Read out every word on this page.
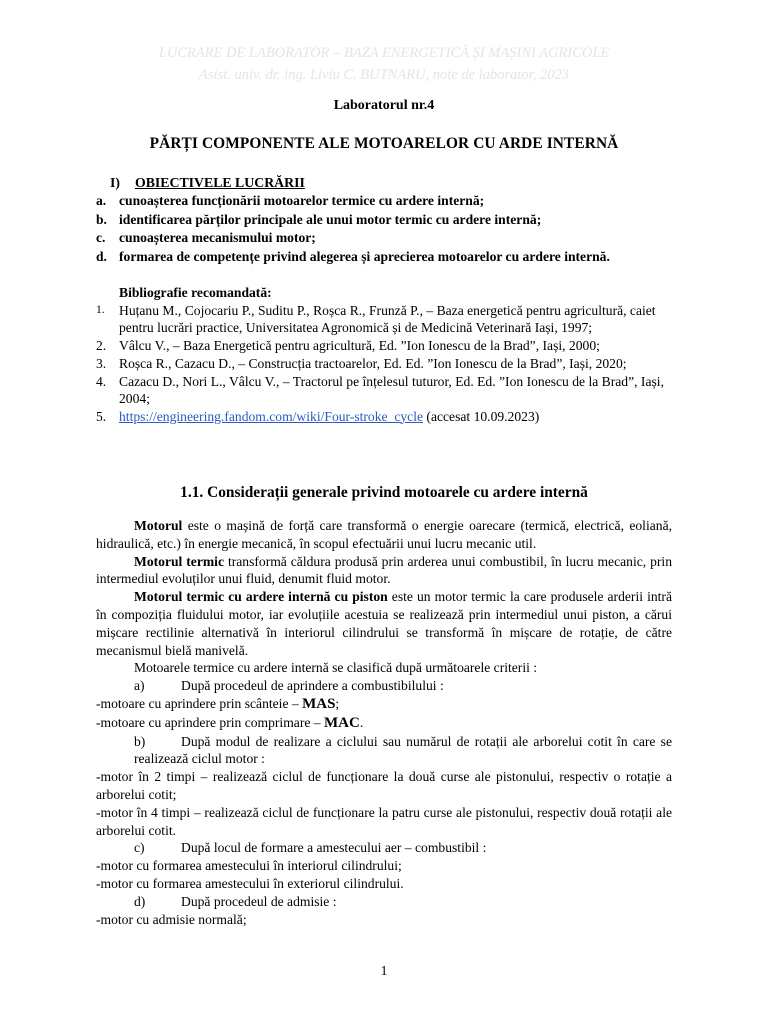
LUCRARE DE LABORATOR – BAZA ENERGETICĂ ȘI MAȘINI AGRICOLE
Asist. univ. dr. ing. Liviu C. BUTNARU, note de laborator, 2023
Laboratorul nr.4
PĂRȚI COMPONENTE ALE MOTOARELOR CU ARDE INTERNĂ
I) OBIECTIVELE LUCRĂRII
a. cunoașterea funcționării motoarelor termice cu ardere internă;
b. identificarea părților principale ale unui motor termic cu ardere internă;
c. cunoașterea mecanismului motor;
d. formarea de competențe privind alegerea și aprecierea motoarelor cu ardere internă.
Bibliografie recomandată:
1.	Huțanu M., Cojocariu P., Suditu P., Roșca R., Frunză P., – Baza energetică pentru agricultură, caiet pentru lucrări practice, Universitatea Agronomică și de Medicină Veterinară Iași, 1997;
2. Vâlcu V., – Baza Energetică pentru agricultură, Ed. ”Ion Ionescu de la Brad”, Iași, 2000;
3. Roșca R., Cazacu D., – Construcția tractoarelor, Ed. Ed. ”Ion Ionescu de la Brad”, Iași, 2020;
4. Cazacu D., Nori L., Vâlcu V., – Tractorul pe înțelesul tuturor, Ed. Ed. ”Ion Ionescu de la Brad”, Iași, 2004;
5. https://engineering.fandom.com/wiki/Four-stroke_cycle (accesat 10.09.2023)
1.1. Considerații generale privind motoarele cu ardere internă

Motorul este o mașină de forță care transformă o energie oarecare (termică, electrică, eoliană, hidraulică, etc.) în energie mecanică, în scopul efectuării unui lucru mecanic util.

Motorul termic transformă căldura produsă prin arderea unui combustibil, în lucru mecanic, prin intermediul evoluților unui fluid, denumit fluid motor.

Motorul termic cu ardere internă cu piston este un motor termic la care produsele arderii intră în compoziția fluidului motor, iar evoluțiile acestuia se realizează prin intermediul unui piston, a cărui mișcare rectilinie alternativă în interiorul cilindrului se transformă în mișcare de rotație, de către mecanismul bielă manivelă.

Motoarele termice cu ardere internă se clasifică după următoarele criterii :

a)	După procedeul de aprindere a combustibilului :

-motoare cu aprindere prin scânteie – MAS;

-motoare cu aprindere prin comprimare – MAC.

b)	După modul de realizare a ciclului sau numărul de rotații ale arborelui cotit în care se realizează ciclul motor :

-motor în 2 timpi – realizează ciclul de funcționare la două curse ale pistonului, respectiv o rotație a arborelui cotit;

-motor în 4 timpi – realizează ciclul de funcționare la patru curse ale pistonului, respectiv două rotații ale arborelui cotit.

c)	După locul de formare a amestecului aer – combustibil :

-motor cu formarea amestecului în interiorul cilindrului;

-motor cu formarea amestecului în exteriorul cilindrului.

d)	După procedeul de admisie :

-motor cu admisie normală;

1
